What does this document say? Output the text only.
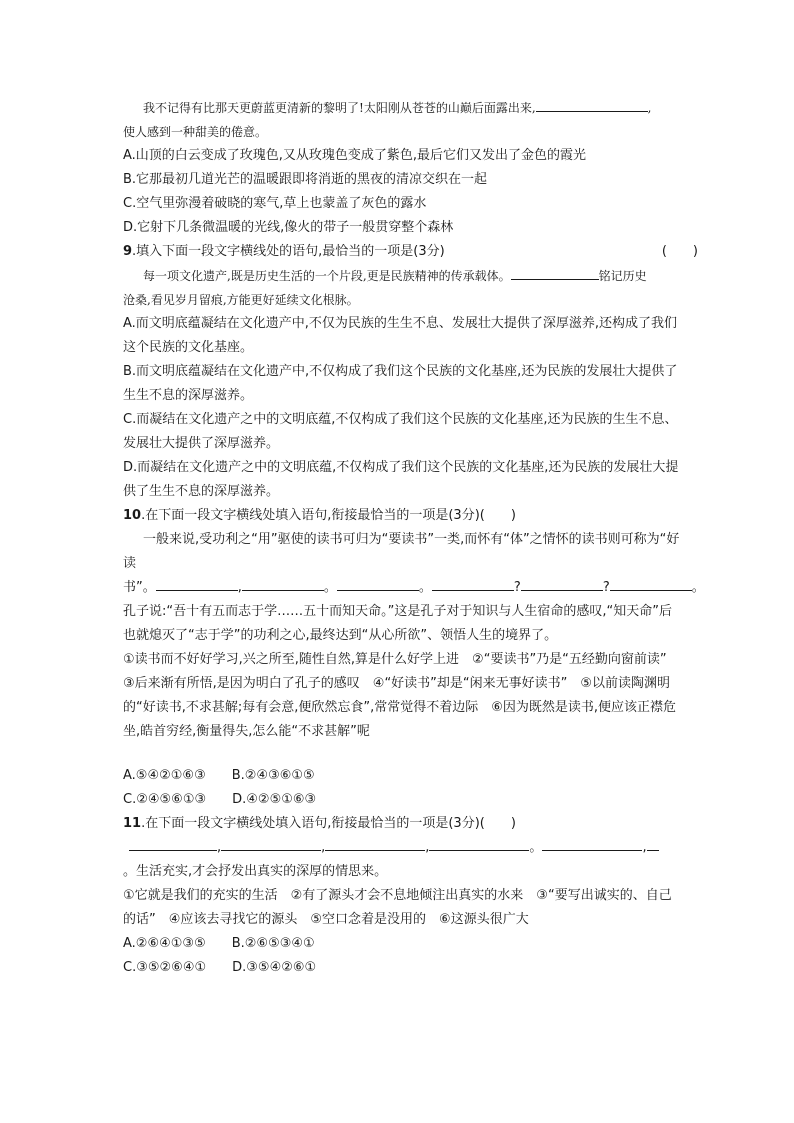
我不记得有比那天更蔚蓝更清新的黎明了!太阳刚从苍苍的山巅后面露出来,	,
使人感到一种甜美的倦意。
A.山顶的白云变成了玫瑰色,又从玫瑰色变成了紫色,最后它们又发出了金色的霞光
B.它那最初几道光芒的温暖跟即将消逝的黑夜的清凉交织在一起
C.空气里弥漫着破晓的寒气,草上也蒙盖了灰色的露水
D.它射下几条微温暖的光线,像火的带子一般贯穿整个森林
9.填入下面一段文字横线处的语句,最恰当的一项是(3分)	(　　)
每一项文化遗产,既是历史生活的一个片段,更是民族精神的传承载体。	铭记历史
沧桑,看见岁月留痕,方能更好延续文化根脉。
A.而文明底蕴凝结在文化遗产中,不仅为民族的生生不息、发展壮大提供了深厚滋养,还构成了我们
这个民族的文化基座。
B.而文明底蕴凝结在文化遗产中,不仅构成了我们这个民族的文化基座,还为民族的发展壮大提供了
生生不息的深厚滋养。
C.而凝结在文化遗产之中的文明底蕴,不仅构成了我们这个民族的文化基座,还为民族的生生不息、
发展壮大提供了深厚滋养。
D.而凝结在文化遗产之中的文明底蕴,不仅构成了我们这个民族的文化基座,还为民族的发展壮大提
供了生生不息的深厚滋养。
10.在下面一段文字横线处填入语句,衔接最恰当的一项是(3分)(　　)
一般来说,受功利之“用”驱使的读书可归为“要读书”一类,而怀有“体”之情怀的读书则可称为“好
读
书”。	,	。	。	?	?	。
孔子说:“吾十有五而志于学……五十而知天命。”这是孔子对于知识与人生宿命的感叹,“知天命”后
也就熄灭了“志于学”的功利之心,最终达到“从心所欲”、领悟人生的境界了。
①读书而不好好学习,兴之所至,随性自然,算是什么好学上进　②“要读书”乃是“五经勤向窗前读”
③后来渐有所悟,是因为明白了孔子的感叹　④“好读书”却是“闲来无事好读书”　⑤以前读陶渊明
的“好读书,不求甚解;每有会意,便欣然忘食”,常常觉得不着边际　⑥因为既然是读书,便应该正襟危
坐,皓首穷经,衡量得失,怎么能“不求甚解”呢
A.⑤④②①⑥③　　B.②④③⑥①⑤
C.②④⑤⑥①③　　D.④②⑤①⑥③
11.在下面一段文字横线处填入语句,衔接最恰当的一项是(3分)(　　)
,	,	,	。	,
。生活充实,才会抒发出真实的深厚的情思来。
①它就是我们的充实的生活　②有了源头才会不息地倾注出真实的水来　③“要写出诚实的、自己
的话”　④应该去寻找它的源头　⑤空口念着是没用的　⑥这源头很广大
A.②⑥④①③⑤　　B.②⑥⑤③④①
C.③⑤②⑥④①　　D.③⑤④②⑥①
